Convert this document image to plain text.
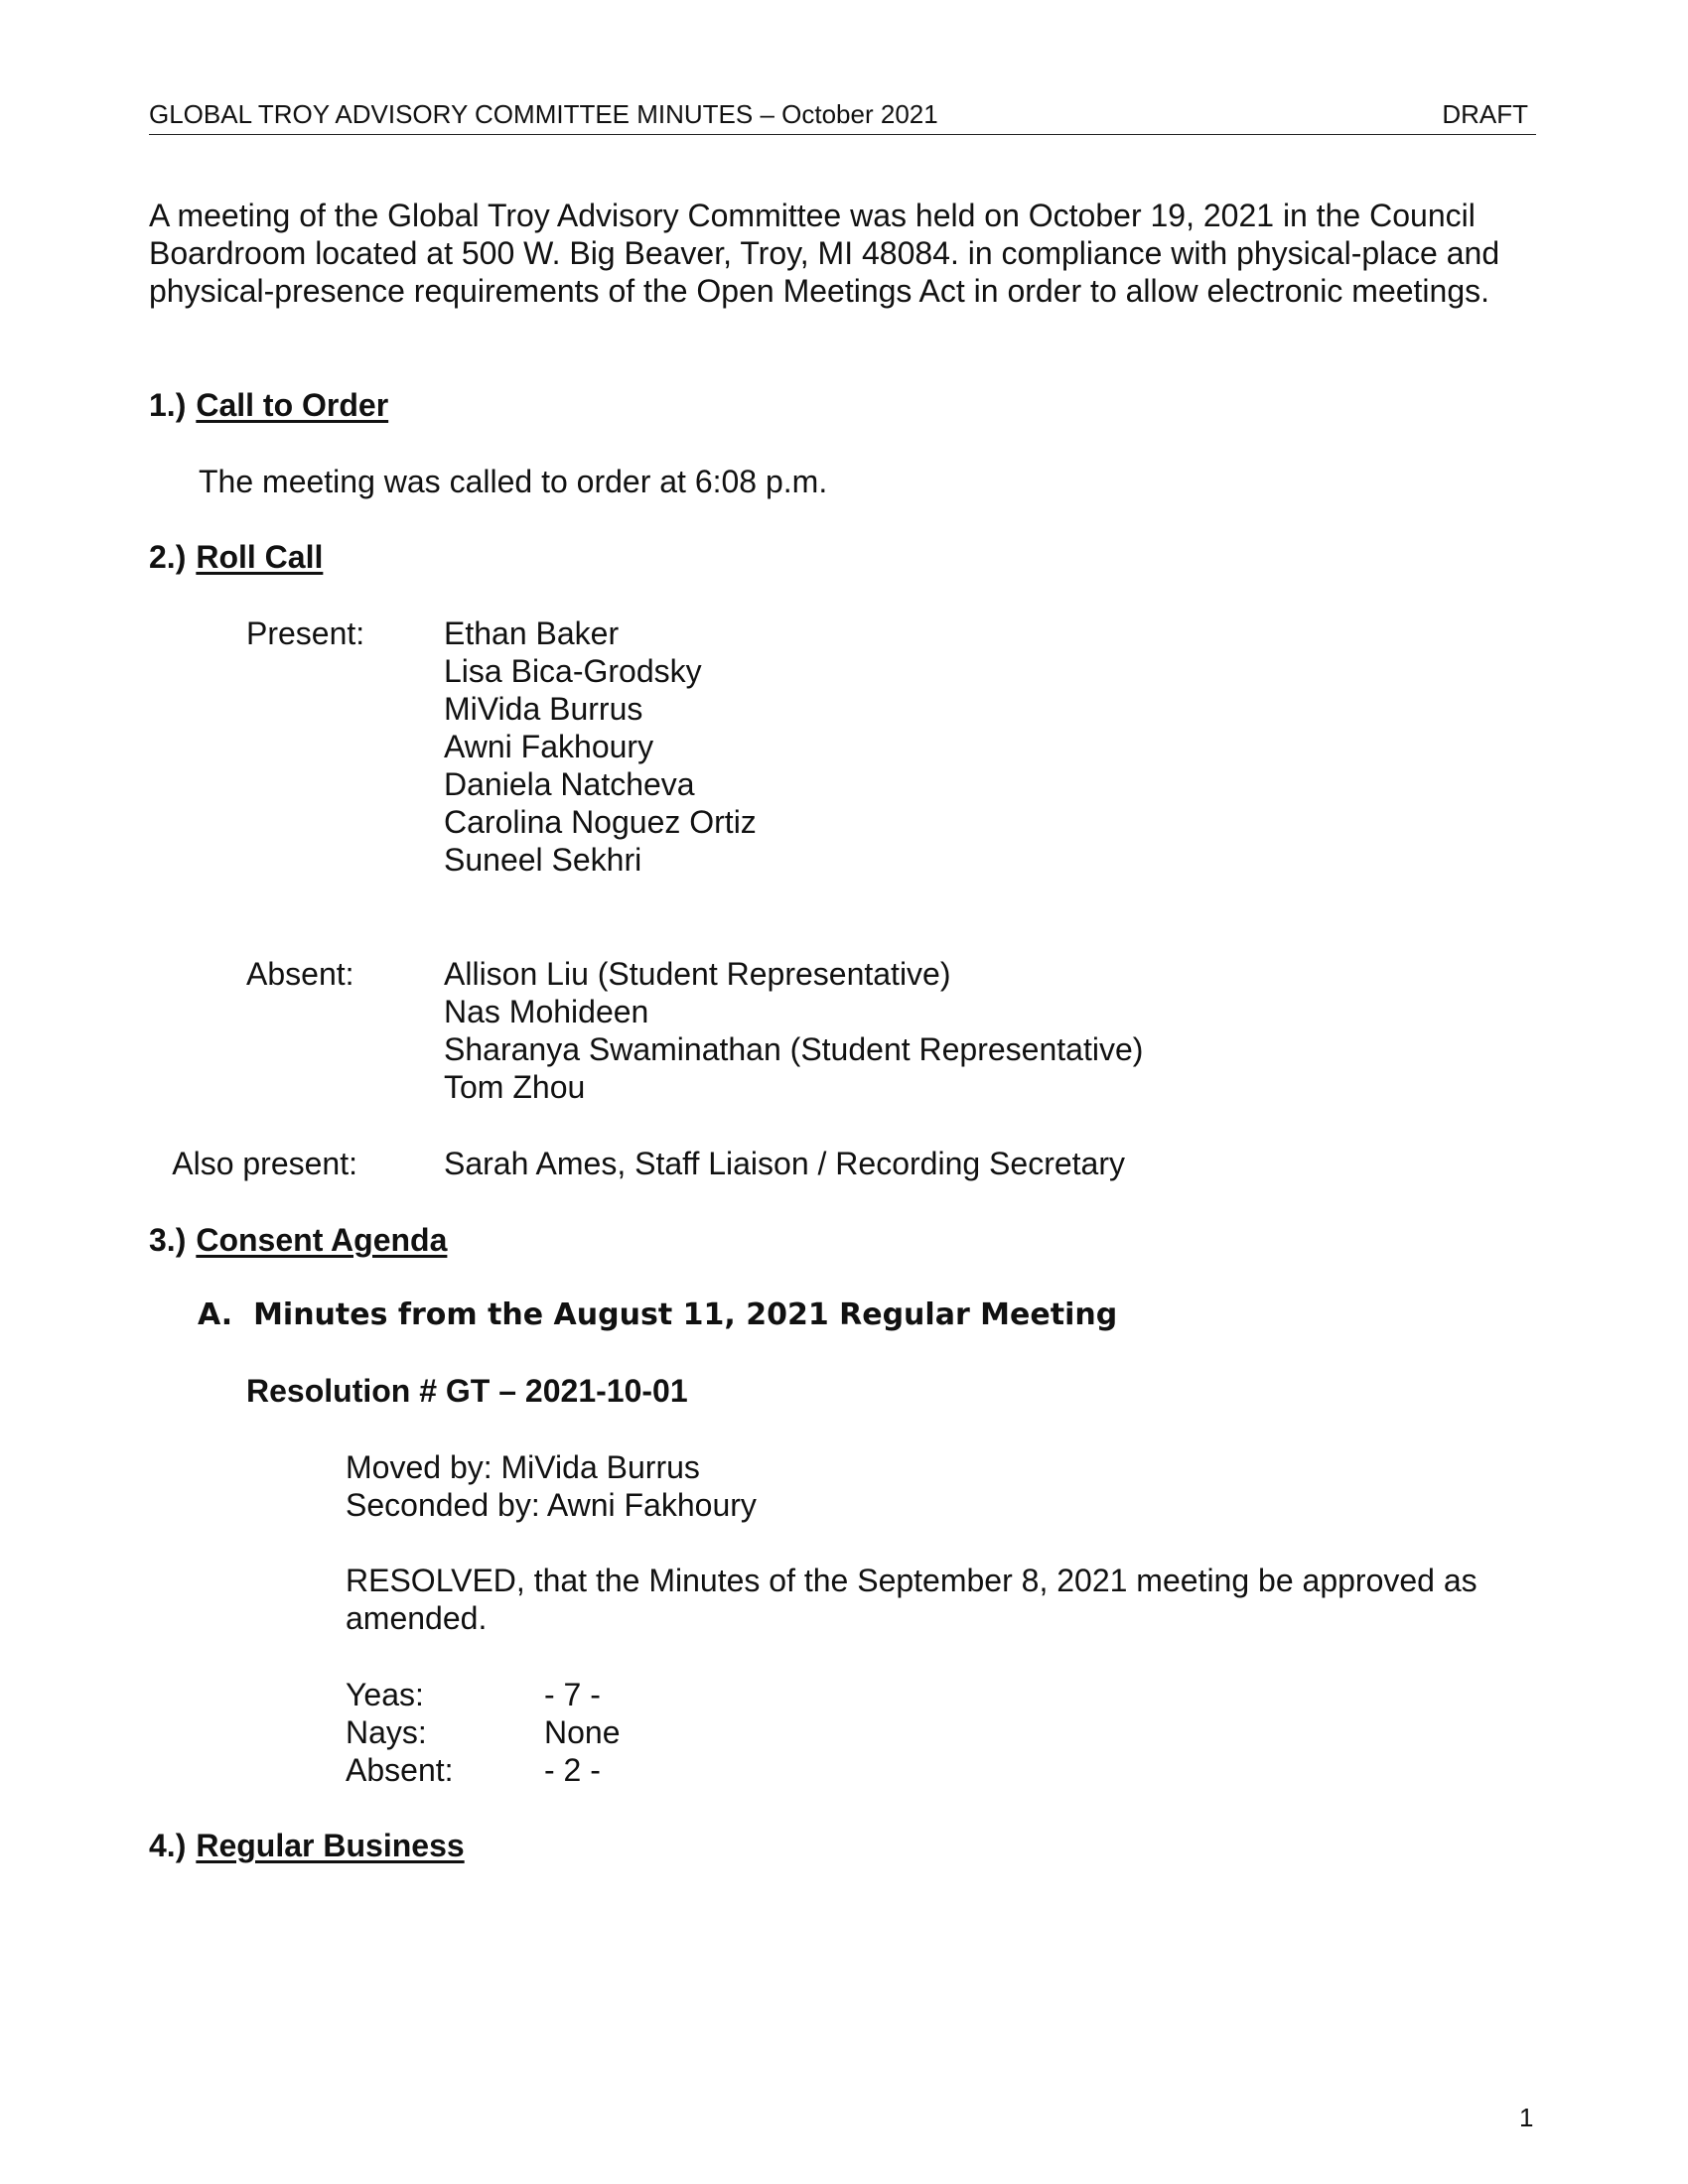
GLOBAL TROY ADVISORY COMMITTEE MINUTES – October 2021	DRAFT
A meeting of the Global Troy Advisory Committee was held on October 19, 2021 in the Council Boardroom located at 500 W. Big Beaver, Troy, MI 48084. in compliance with physical-place and physical-presence requirements of the Open Meetings Act in order to allow electronic meetings.
1.) Call to Order
The meeting was called to order at 6:08 p.m.
2.) Roll Call
Present: Ethan Baker
Lisa Bica-Grodsky
MiVida Burrus
Awni Fakhoury
Daniela Natcheva
Carolina Noguez Ortiz
Suneel Sekhri
Absent:	Allison Liu (Student Representative)
Nas Mohideen
Sharanya Swaminathan (Student Representative)
Tom Zhou
Also present:	Sarah Ames, Staff Liaison / Recording Secretary
3.) Consent Agenda
A. Minutes from the August 11, 2021 Regular Meeting
Resolution # GT – 2021-10-01
Moved by: MiVida Burrus
Seconded by: Awni Fakhoury
RESOLVED, that the Minutes of the September 8, 2021 meeting be approved as
amended.
Yeas:	- 7 -
Nays:	None
Absent:	- 2 -
4.) Regular Business
1
